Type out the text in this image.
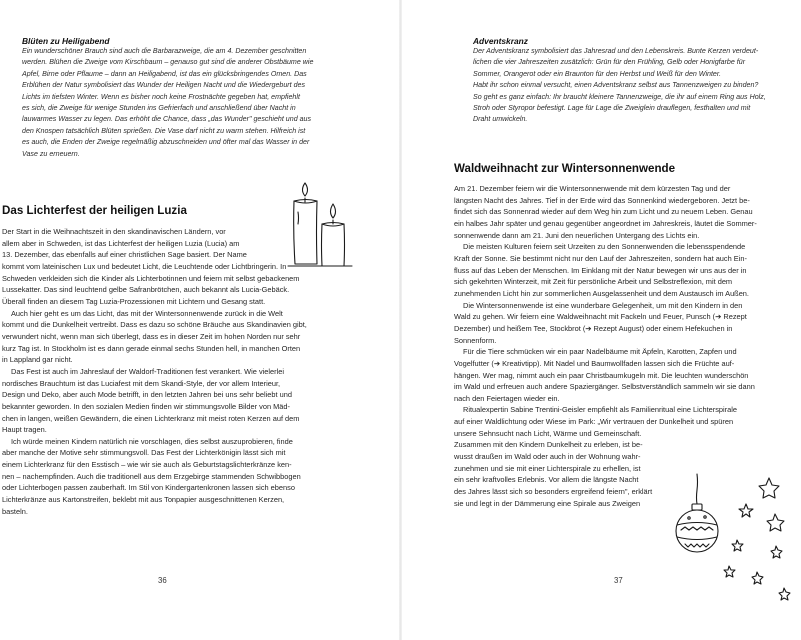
Blüten zu Heiligabend

Ein wunderschöner Brauch sind auch die Barbarazweige, die am 4. Dezember geschnitten
werden. Blühen die Zweige vom Kirschbaum – genauso gut sind die anderer Obstbäume wie
Apfel, Birne oder Pflaume – dann an Heiligabend, ist das ein glücksbringendes Omen. Das
Erblühen der Natur symbolisiert das Wunder der Heiligen Nacht und die Wiedergeburt des
Lichts im tiefsten Winter. Wenn es bisher noch keine Frostnächte gegeben hat, empfiehlt
es sich, die Zweige für wenige Stunden ins Gefrierfach und anschließend über Nacht in
lauwarmes Wasser zu legen. Das erhöht die Chance, dass „das Wunder" geschieht und aus
den Knospen tatsächlich Blüten sprießen. Die Vase darf nicht zu warm stehen. Hilfreich ist
es auch, die Enden der Zweige regelmäßig abzuschneiden und öfter mal das Wasser in der
Vase zu erneuern.

Das Lichterfest der heiligen Luzia

Der Start in die Weihnachtszeit in den skandinavischen Ländern, vor
allem aber in Schweden, ist das Lichterfest der heiligen Luzia (Lucia) am
13. Dezember, das ebenfalls auf einer christlichen Sage basiert. Der Name
kommt vom lateinischen Lux und bedeutet Licht, die Leuchtende oder Lichtbringerin. In
Schweden verkleiden sich die Kinder als Lichterbotinnen und feiern mit selbst gebackenem
Lussekatter. Das sind leuchtend gelbe Safranbrötchen, auch bekannt als Lucia-Gebäck.
Überall finden an diesem Tag Luzia-Prozessionen mit Lichtern und Gesang statt.

Auch hier geht es um das Licht, das mit der Wintersonnenwende zurück in die Welt
kommt und die Dunkelheit vertreibt. Dass es dazu so schöne Bräuche aus Skandinavien gibt,
verwundert nicht, wenn man sich überlegt, dass es in dieser Zeit im hohen Norden nur sehr
kurz Tag ist. In Stockholm ist es dann gerade einmal sechs Stunden hell, in manchen Orten
in Lappland gar nicht.

Das Fest ist auch im Jahreslauf der Waldorf-Traditionen fest verankert. Wie vielerlei
nordisches Brauchtum ist das Luciafest mit dem Skandi-Style, der vor allem Interieur,
Design und Deko, aber auch Mode betrifft, in den letzten Jahren bei uns sehr beliebt und
bekannter geworden. In den sozialen Medien finden wir stimmungsvolle Bilder von Mäd-
chen in langen, weißen Gewändern, die einen Lichterkranz mit meist roten Kerzen auf dem
Haupt tragen.

Ich würde meinen Kindern natürlich nie vorschlagen, dies selbst auszuprobieren, finde
aber manche der Motive sehr stimmungsvoll. Das Fest der Lichterkönigin lässt sich mit
einem Lichterkranz für den Esstisch – wie wir sie auch als Geburtstagslichterkränze ken-
nen – nachempfinden. Auch die traditionell aus dem Erzgebirge stammenden Schwibbogen
oder Lichterbogen passen zauberhaft. Im Stil von Kindergartenkronen lassen sich ebenso
Lichterkränze aus Kartonstreifen, beklebt mit aus Tonpapier ausgeschnittenen Kerzen,
basteln.

36
Adventskranz

Der Adventskranz symbolisiert das Jahresrad und den Lebenskreis. Bunte Kerzen verdeut-
lichen die vier Jahreszeiten zusätzlich: Grün für den Frühling, Gelb oder Honigfarbe für
Sommer, Orangerot oder ein Braunton für den Herbst und Weiß für den Winter.
Habt ihr schon einmal versucht, einen Adventskranz selbst aus Tannenzweigen zu binden?
So geht es ganz einfach: Ihr braucht kleinere Tannenzweige, die ihr auf einem Ring aus Holz,
Stroh oder Styropor befestigt. Lage für Lage die Zweiglein drauflegen, festhalten und mit
Draht umwickeln.

Waldweihnacht zur Wintersonnenwende

Am 21. Dezember feiern wir die Wintersonnenwende mit dem kürzesten Tag und der
längsten Nacht des Jahres. Tief in der Erde wird das Sonnenkind wiedergeboren. Jetzt be-
findet sich das Sonnenrad wieder auf dem Weg hin zum Licht und zu neuem Leben. Genau
ein halbes Jahr später und genau gegenüber angeordnet im Jahreskreis, läutet die Sommer-
sonnenwende dann am 21. Juni den neuerlichen Untergang des Lichts ein.

Die meisten Kulturen feiern seit Urzeiten zu den Sonnenwenden die lebensspendende
Kraft der Sonne. Sie bestimmt nicht nur den Lauf der Jahreszeiten, sondern hat auch Ein-
fluss auf das Leben der Menschen. Im Einklang mit der Natur bewegen wir uns aus der in
sich gekehrten Winterzeit, mit Zeit für persönliche Arbeit und Selbstreflexion, mit dem
zunehmenden Licht hin zur sommerlichen Ausgelassenheit und dem Austausch im Außen.

Die Wintersonnenwende ist eine wunderbare Gelegenheit, um mit den Kindern in den
Wald zu gehen. Wir feiern eine Waldweihnacht mit Fackeln und Feuer, Punsch (➔ Rezept
Dezember) und heißem Tee, Stockbrot (➔ Rezept August) oder einem Hefekuchen in
Sonnenform.

Für die Tiere schmücken wir ein paar Nadelbäume mit Äpfeln, Karotten, Zapfen und
Vogelfutter (➔ Kreativtipp). Mit Nadel und Baumwollfaden lassen sich die Früchte auf-
hängen. Wer mag, nimmt auch ein paar Christbaumkugeln mit. Die leuchten wunderschön
im Wald und erfreuen auch andere Spaziergänger. Selbstverständlich sammeln wir sie dann
nach den Feiertagen wieder ein.

Ritualexpertin Sabine Trentini-Geisler empfiehlt als Familienritual eine Lichterspirale
auf einer Waldlichtung oder Wiese im Park: „Wir vertrauen der Dunkelheit und spüren
unsere Sehnsucht nach Licht, Wärme und Gemeinschaft.

Zusammen mit den Kindern Dunkelheit zu erleben, ist be-
wusst draußen im Wald oder auch in der Wohnung wahr-
zunehmen und sie mit einer Lichterspirale zu erhellen, ist
ein sehr kraftvolles Erlebnis. Vor allem die längste Nacht
des Jahres lässt sich so besonders ergreifend feiern", erklärt
sie und legt in der Dämmerung eine Spirale aus Zweigen

37
